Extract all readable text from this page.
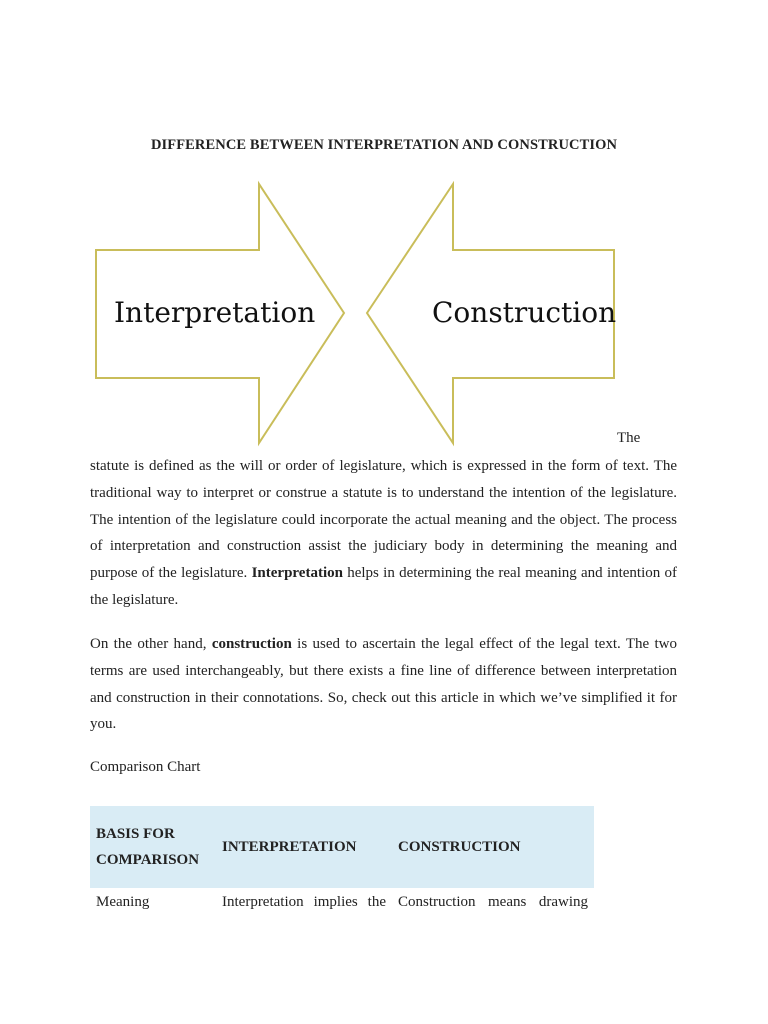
DIFFERENCE BETWEEN INTERPRETATION AND CONSTRUCTION
Interpretation	Construction
The

statute is defined as the will or order of legislature, which is expressed in the form of text. The traditional way to interpret or construe a statute is to understand the intention of the legislature. The intention of the legislature could incorporate the actual meaning and the object. The process of interpretation and construction assist the judiciary body in determining the meaning and purpose of the legislature. Interpretation helps in determining the real meaning and intention of the legislature.

On the other hand, construction is used to ascertain the legal effect of the legal text. The two terms are used interchangeably, but there exists a fine line of difference between interpretation and construction in their connotations. So, check out this article in which we’ve simplified it for you.

Comparison Chart
BASIS FOR
COMPARISON	INTERPRETATION	CONSTRUCTION
Meaning	Interpretation implies the	Construction means drawing
